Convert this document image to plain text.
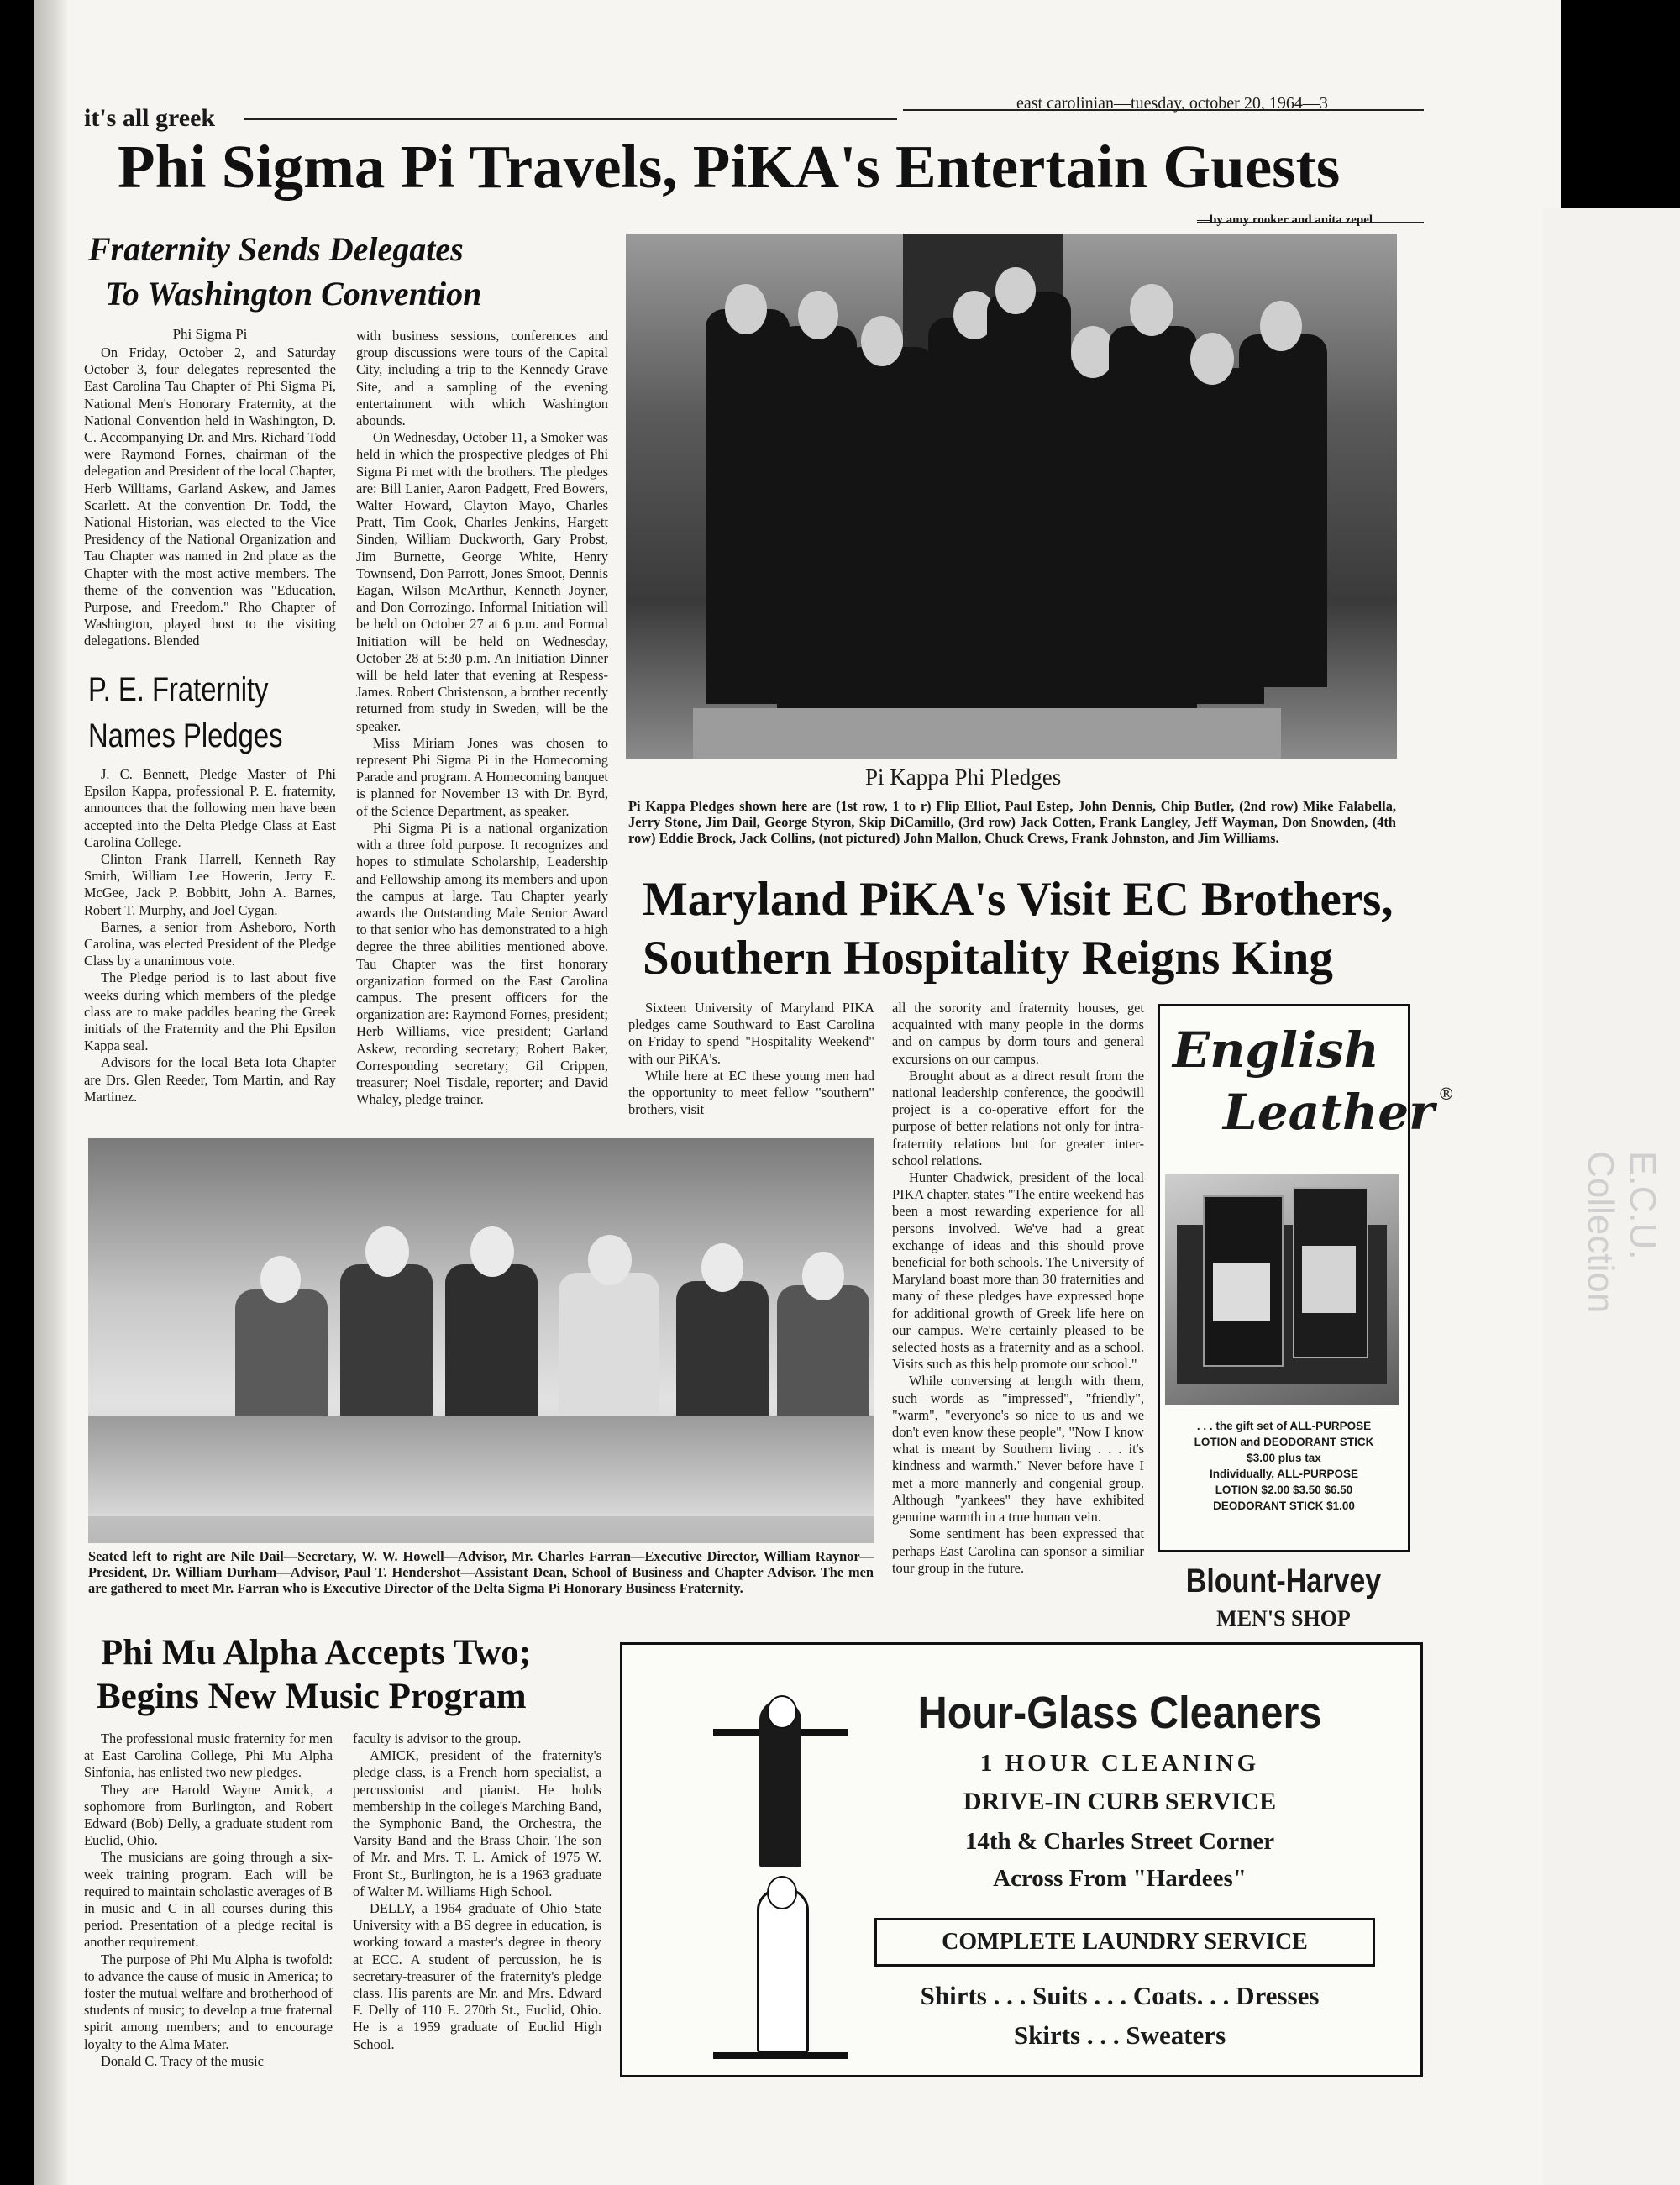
E.C.U. Collection
it's all greek
east carolinian—tuesday, october 20, 1964—3
Phi Sigma Pi Travels, PiKA's Entertain Guests
—by amy rooker and anita zepel
Fraternity Sends Delegates
To Washington Convention
Phi Sigma Pi

On Friday, October 2, and Saturday October 3, four delegates represented the East Carolina Tau Chapter of Phi Sigma Pi, National Men's Honorary Fraternity, at the National Convention held in Washington, D. C. Accompanying Dr. and Mrs. Richard Todd were Raymond Fornes, chairman of the delegation and President of the local Chapter, Herb Williams, Garland Askew, and James Scarlett. At the convention Dr. Todd, the National Historian, was elected to the Vice Presidency of the National Organization and Tau Chapter was named in 2nd place as the Chapter with the most active members. The theme of the convention was "Education, Purpose, and Freedom." Rho Chapter of Washington, played host to the visiting delegations. Blended

with business sessions, conferences and group discussions were tours of the Capital City, including a trip to the Kennedy Grave Site, and a sampling of the evening entertainment with which Washington abounds.

On Wednesday, October 11, a Smoker was held in which the prospective pledges of Phi Sigma Pi met with the brothers. The pledges are: Bill Lanier, Aaron Padgett, Fred Bowers, Walter Howard, Clayton Mayo, Charles Pratt, Tim Cook, Charles Jenkins, Hargett Sinden, William Duckworth, Gary Probst, Jim Burnette, George White, Henry Townsend, Don Parrott, Jones Smoot, Dennis Eagan, Wilson McArthur, Kenneth Joyner, and Don Corrozingo. Informal Initiation will be held on October 27 at 6 p.m. and Formal Initiation will be held on Wednesday, October 28 at 5:30 p.m. An Initiation Dinner will be held later that evening at Respess-James. Robert Christenson, a brother recently returned from study in Sweden, will be the speaker.

Miss Miriam Jones was chosen to represent Phi Sigma Pi in the Homecoming Parade and program. A Homecoming banquet is planned for November 13 with Dr. Byrd, of the Science Department, as speaker.

Phi Sigma Pi is a national organization with a three fold purpose. It recognizes and hopes to stimulate Scholarship, Leadership and Fellowship among its members and upon the campus at large. Tau Chapter yearly awards the Outstanding Male Senior Award to that senior who has demonstrated to a high degree the three abilities mentioned above. Tau Chapter was the first honorary organization formed on the East Carolina campus. The present officers for the organization are: Raymond Fornes, president; Herb Williams, vice president; Garland Askew, recording secretary; Robert Baker, Corresponding secretary; Gil Crippen, treasurer; Noel Tisdale, reporter; and David Whaley, pledge trainer.

P. E. Fraternity
Names Pledges

J. C. Bennett, Pledge Master of Phi Epsilon Kappa, professional P. E. fraternity, announces that the following men have been accepted into the Delta Pledge Class at East Carolina College.

Clinton Frank Harrell, Kenneth Ray Smith, William Lee Howerin, Jerry E. McGee, Jack P. Bobbitt, John A. Barnes, Robert T. Murphy, and Joel Cygan.

Barnes, a senior from Asheboro, North Carolina, was elected President of the Pledge Class by a unanimous vote.

The Pledge period is to last about five weeks during which members of the pledge class are to make paddles bearing the Greek initials of the Fraternity and the Phi Epsilon Kappa seal.

Advisors for the local Beta Iota Chapter are Drs. Glen Reeder, Tom Martin, and Ray Martinez.

Pi Kappa Phi Pledges

Pi Kappa Pledges shown here are (1st row, 1 to r) Flip Elliot, Paul Estep, John Dennis, Chip Butler, (2nd row) Mike Falabella, Jerry Stone, Jim Dail, George Styron, Skip DiCamillo, (3rd row) Jack Cotten, Frank Langley, Jeff Wayman, Don Snowden, (4th row) Eddie Brock, Jack Collins, (not pictured) John Mallon, Chuck Crews, Frank Johnston, and Jim Williams.

Maryland PiKA's Visit EC Brothers,
Southern Hospitality Reigns King

Sixteen University of Maryland PIKA pledges came Southward to East Carolina on Friday to spend "Hospitality Weekend" with our PiKA's.

While here at EC these young men had the opportunity to meet fellow "southern" brothers, visit

all the sorority and fraternity houses, get acquainted with many people in the dorms and on campus by dorm tours and general excursions on our campus.

Brought about as a direct result from the national leadership conference, the goodwill project is a co-operative effort for the purpose of better relations not only for intra-fraternity relations but for greater inter-school relations.

Hunter Chadwick, president of the local PIKA chapter, states "The entire weekend has been a most rewarding experience for all persons involved. We've had a great exchange of ideas and this should prove beneficial for both schools. The University of Maryland boast more than 30 fraternities and many of these pledges have expressed hope for additional growth of Greek life here on our campus. We're certainly pleased to be selected hosts as a fraternity and as a school. Visits such as this help promote our school."

While conversing at length with them, such words as "impressed", "friendly", "warm", "everyone's so nice to us and we don't even know these people", "Now I know what is meant by Southern living . . . it's kindness and warmth." Never before have I met a more mannerly and congenial group. Although "yankees" they have exhibited genuine warmth in a true human vein.

Some sentiment has been expressed that perhaps East Carolina can sponsor a similiar tour group in the future.

Seated left to right are Nile Dail—Secretary, W. W. Howell—Advisor, Mr. Charles Farran—Executive Director, William Raynor—President, Dr. William Durham—Advisor, Paul T. Hendershot—Assistant Dean, School of Business and Chapter Advisor. The men are gathered to meet Mr. Farran who is Executive Director of the Delta Sigma Pi Honorary Business Fraternity.

Phi Mu Alpha Accepts Two;
Begins New Music Program

The professional music fraternity for men at East Carolina College, Phi Mu Alpha Sinfonia, has enlisted two new pledges.

They are Harold Wayne Amick, a sophomore from Burlington, and Robert Edward (Bob) Delly, a graduate student rom Euclid, Ohio.

The musicians are going through a six-week training program. Each will be required to maintain scholastic averages of B in music and C in all courses during this period. Presentation of a pledge recital is another requirement.

The purpose of Phi Mu Alpha is twofold: to advance the cause of music in America; to foster the mutual welfare and brotherhood of students of music; to develop a true fraternal spirit among members; and to encourage loyalty to the Alma Mater.

Donald C. Tracy of the music

faculty is advisor to the group.

AMICK, president of the fraternity's pledge class, is a French horn specialist, a percussionist and pianist. He holds membership in the college's Marching Band, the Symphonic Band, the Orchestra, the Varsity Band and the Brass Choir. The son of Mr. and Mrs. T. L. Amick of 1975 W. Front St., Burlington, he is a 1963 graduate of Walter M. Williams High School.

DELLY, a 1964 graduate of Ohio State University with a BS degree in education, is working toward a master's degree in theory at ECC. A student of percussion, he is secretary-treasurer of the fraternity's pledge class. His parents are Mr. and Mrs. Edward F. Delly of 110 E. 270th St., Euclid, Ohio. He is a 1959 graduate of Euclid High School.

English
Leather ®
. . . the gift set of ALL-PURPOSE
LOTION and DEODORANT STICK
$3.00 plus tax
Individually, ALL-PURPOSE
LOTION $2.00 $3.50 $6.50
DEODORANT STICK $1.00
Blount-Harvey
MEN'S SHOP
Hour-Glass Cleaners
1 HOUR CLEANING
DRIVE-IN CURB SERVICE
14th & Charles Street Corner
Across From "Hardees"
COMPLETE LAUNDRY SERVICE
Shirts . . . Suits . . . Coats. . . Dresses
Skirts . . . Sweaters
